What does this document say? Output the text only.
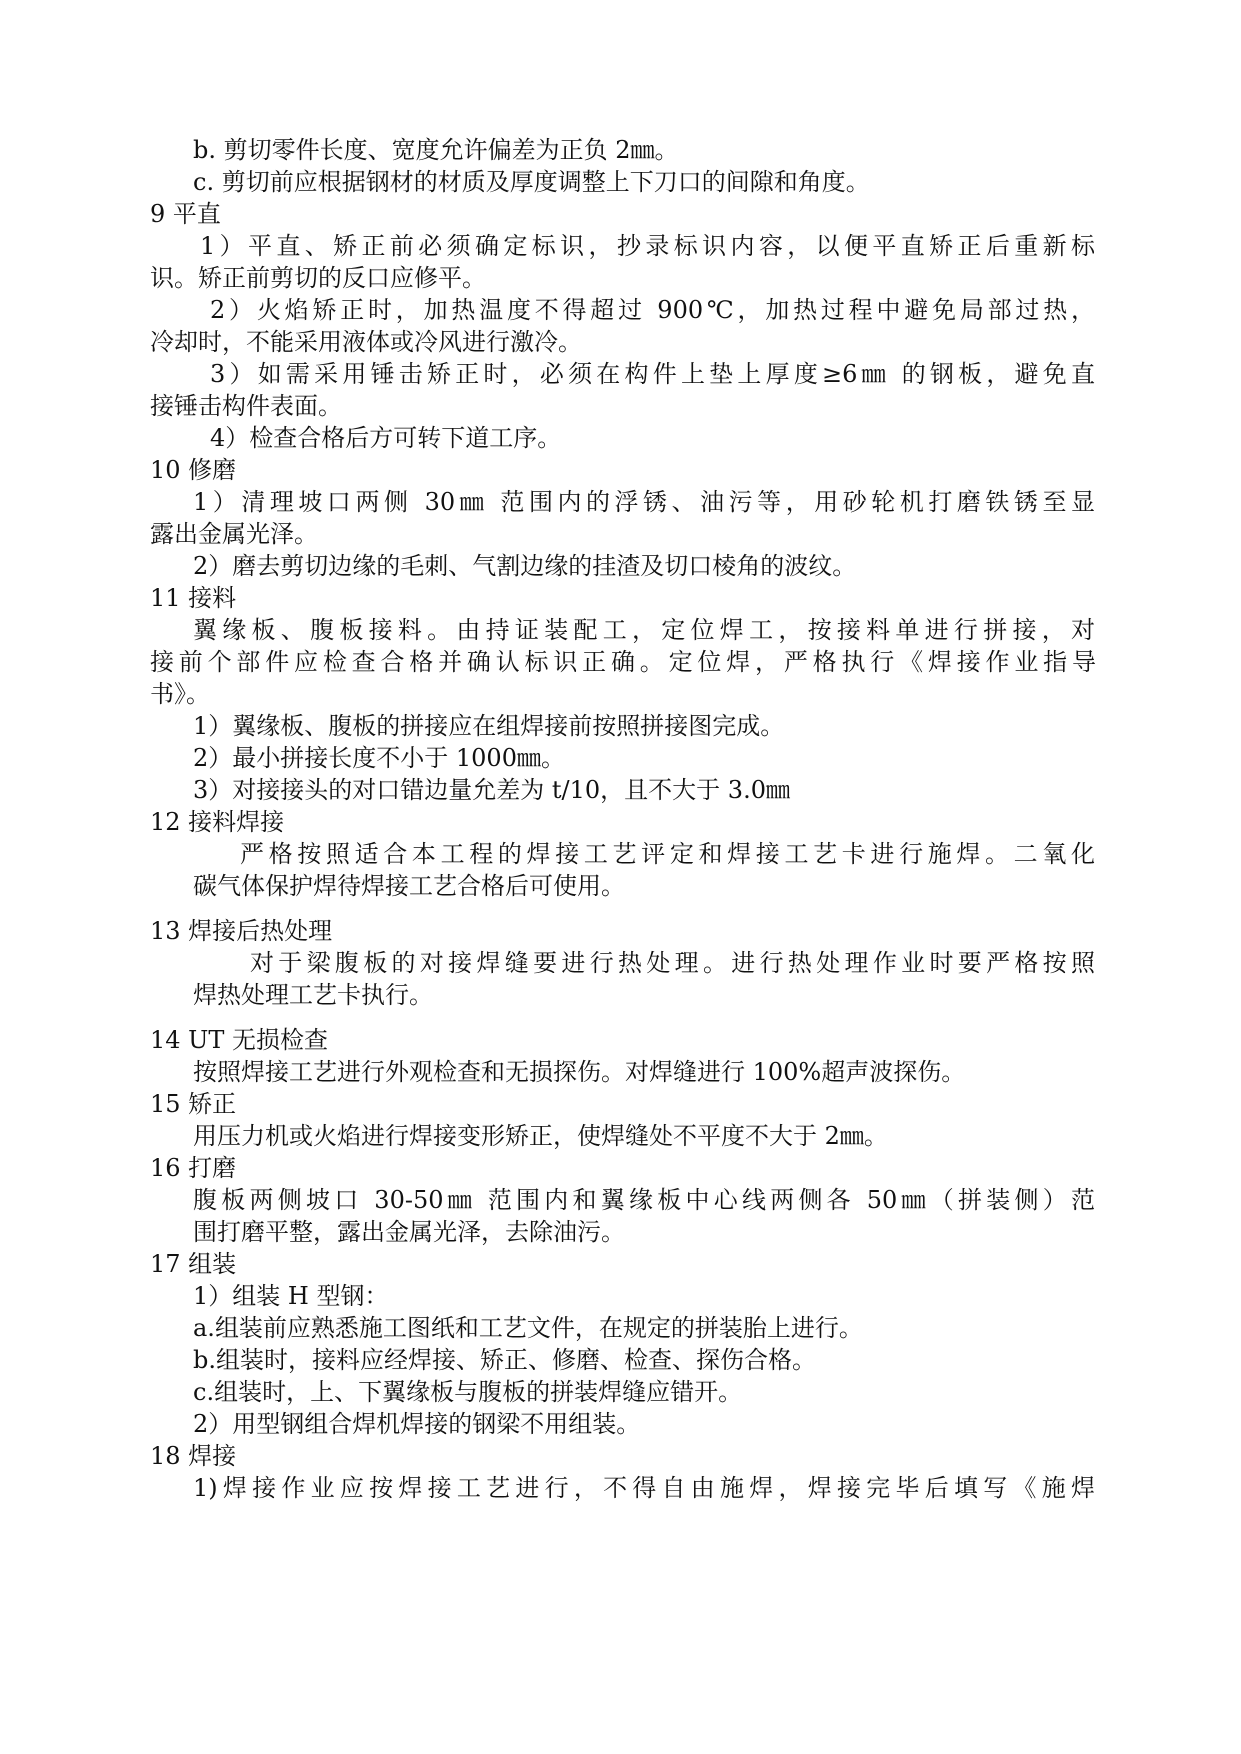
b. 剪切零件长度、宽度允许偏差为正负 2㎜。
c. 剪切前应根据钢材的材质及厚度调整上下刀口的间隙和角度。
9 平直
1）平直、矫正前必须确定标识，抄录标识内容，以便平直矫正后重新标
识。矫正前剪切的反口应修平。
2）火焰矫正时，加热温度不得超过 900℃，加热过程中避免局部过热，
冷却时，不能采用液体或冷风进行激冷。
3）如需采用锤击矫正时，必须在构件上垫上厚度≥6㎜ 的钢板，避免直
接锤击构件表面。
4）检查合格后方可转下道工序。
10 修磨
1）清理坡口两侧 30㎜ 范围内的浮锈、油污等，用砂轮机打磨铁锈至显
露出金属光泽。
2）磨去剪切边缘的毛刺、气割边缘的挂渣及切口棱角的波纹。
11 接料
翼缘板、腹板接料。由持证装配工，定位焊工，按接料单进行拼接，对
接前个部件应检查合格并确认标识正确。定位焊，严格执行《焊接作业指导
书》。
1）翼缘板、腹板的拼接应在组焊接前按照拼接图完成。
2）最小拼接长度不小于 1000㎜。
3）对接接头的对口错边量允差为 t/10，且不大于 3.0㎜
12 接料焊接
严格按照适合本工程的焊接工艺评定和焊接工艺卡进行施焊。二氧化
碳气体保护焊待焊接工艺合格后可使用。
13 焊接后热处理
对于梁腹板的对接焊缝要进行热处理。进行热处理作业时要严格按照
焊热处理工艺卡执行。
14 UT 无损检查
按照焊接工艺进行外观检查和无损探伤。对焊缝进行 100%超声波探伤。
15 矫正
用压力机或火焰进行焊接变形矫正，使焊缝处不平度不大于 2㎜。
16 打磨
腹板两侧坡口 30-50㎜ 范围内和翼缘板中心线两侧各 50㎜（拼装侧）范
围打磨平整，露出金属光泽，去除油污。
17 组装
1）组装 H 型钢：
a.组装前应熟悉施工图纸和工艺文件，在规定的拼装胎上进行。
b.组装时，接料应经焊接、矫正、修磨、检查、探伤合格。
c.组装时，上、下翼缘板与腹板的拼装焊缝应错开。
2）用型钢组合焊机焊接的钢梁不用组装。
18 焊接
1)焊接作业应按焊接工艺进行，不得自由施焊，焊接完毕后填写《施焊
